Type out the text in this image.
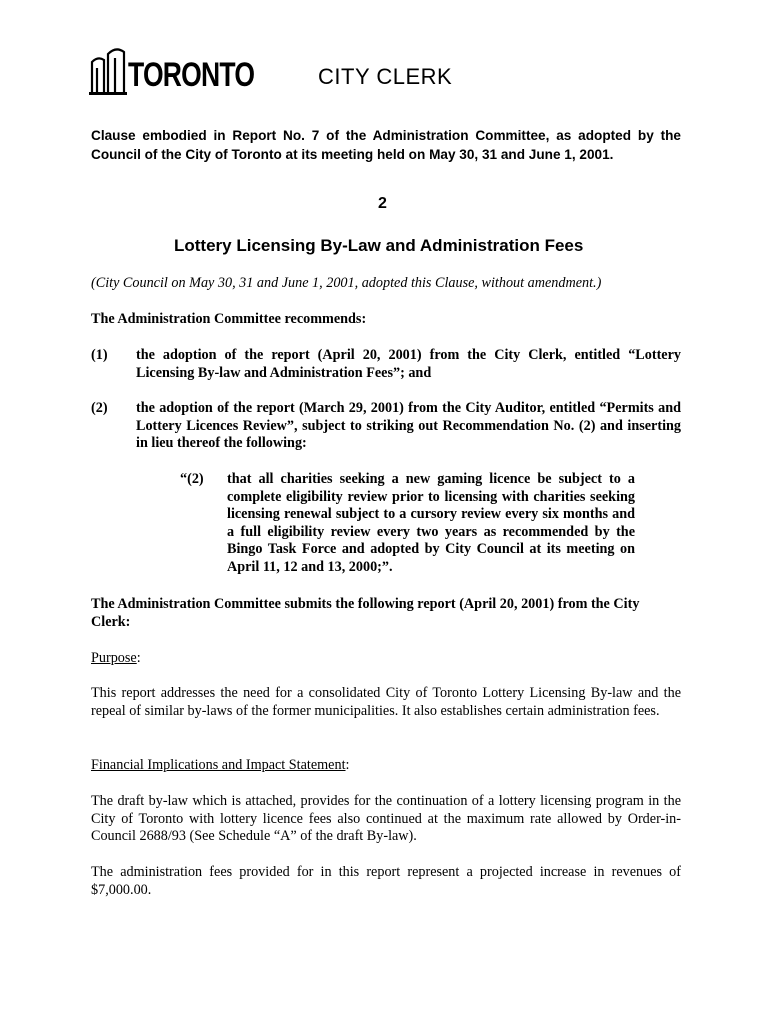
TORONTO	CITY CLERK
Clause embodied in Report No. 7 of the Administration Committee, as adopted by the Council of the City of Toronto at its meeting held on May 30, 31 and June 1, 2001.
2
Lottery Licensing By-Law and Administration Fees
(City Council on May 30, 31 and June 1, 2001, adopted this Clause, without amendment.)
The Administration Committee recommends:
(1) the adoption of the report (April 20, 2001) from the City Clerk, entitled “Lottery Licensing By-law and Administration Fees”; and
(2) the adoption of the report (March 29, 2001) from the City Auditor, entitled “Permits and Lottery Licences Review”, subject to striking out Recommendation No. (2) and inserting in lieu thereof the following:
“(2) that all charities seeking a new gaming licence be subject to a complete eligibility review prior to licensing with charities seeking licensing renewal subject to a cursory review every six months and a full eligibility review every two years as recommended by the Bingo Task Force and adopted by City Council at its meeting on April 11, 12 and 13, 2000;”.
The Administration Committee submits the following report (April 20, 2001) from the City Clerk:
Purpose:
This report addresses the need for a consolidated City of Toronto Lottery Licensing By-law and the repeal of similar by-laws of the former municipalities. It also establishes certain administration fees.
Financial Implications and Impact Statement:
The draft by-law which is attached, provides for the continuation of a lottery licensing program in the City of Toronto with lottery licence fees also continued at the maximum rate allowed by Order-in-Council 2688/93 (See Schedule “A” of the draft By-law).
The administration fees provided for in this report represent a projected increase in revenues of $7,000.00.
